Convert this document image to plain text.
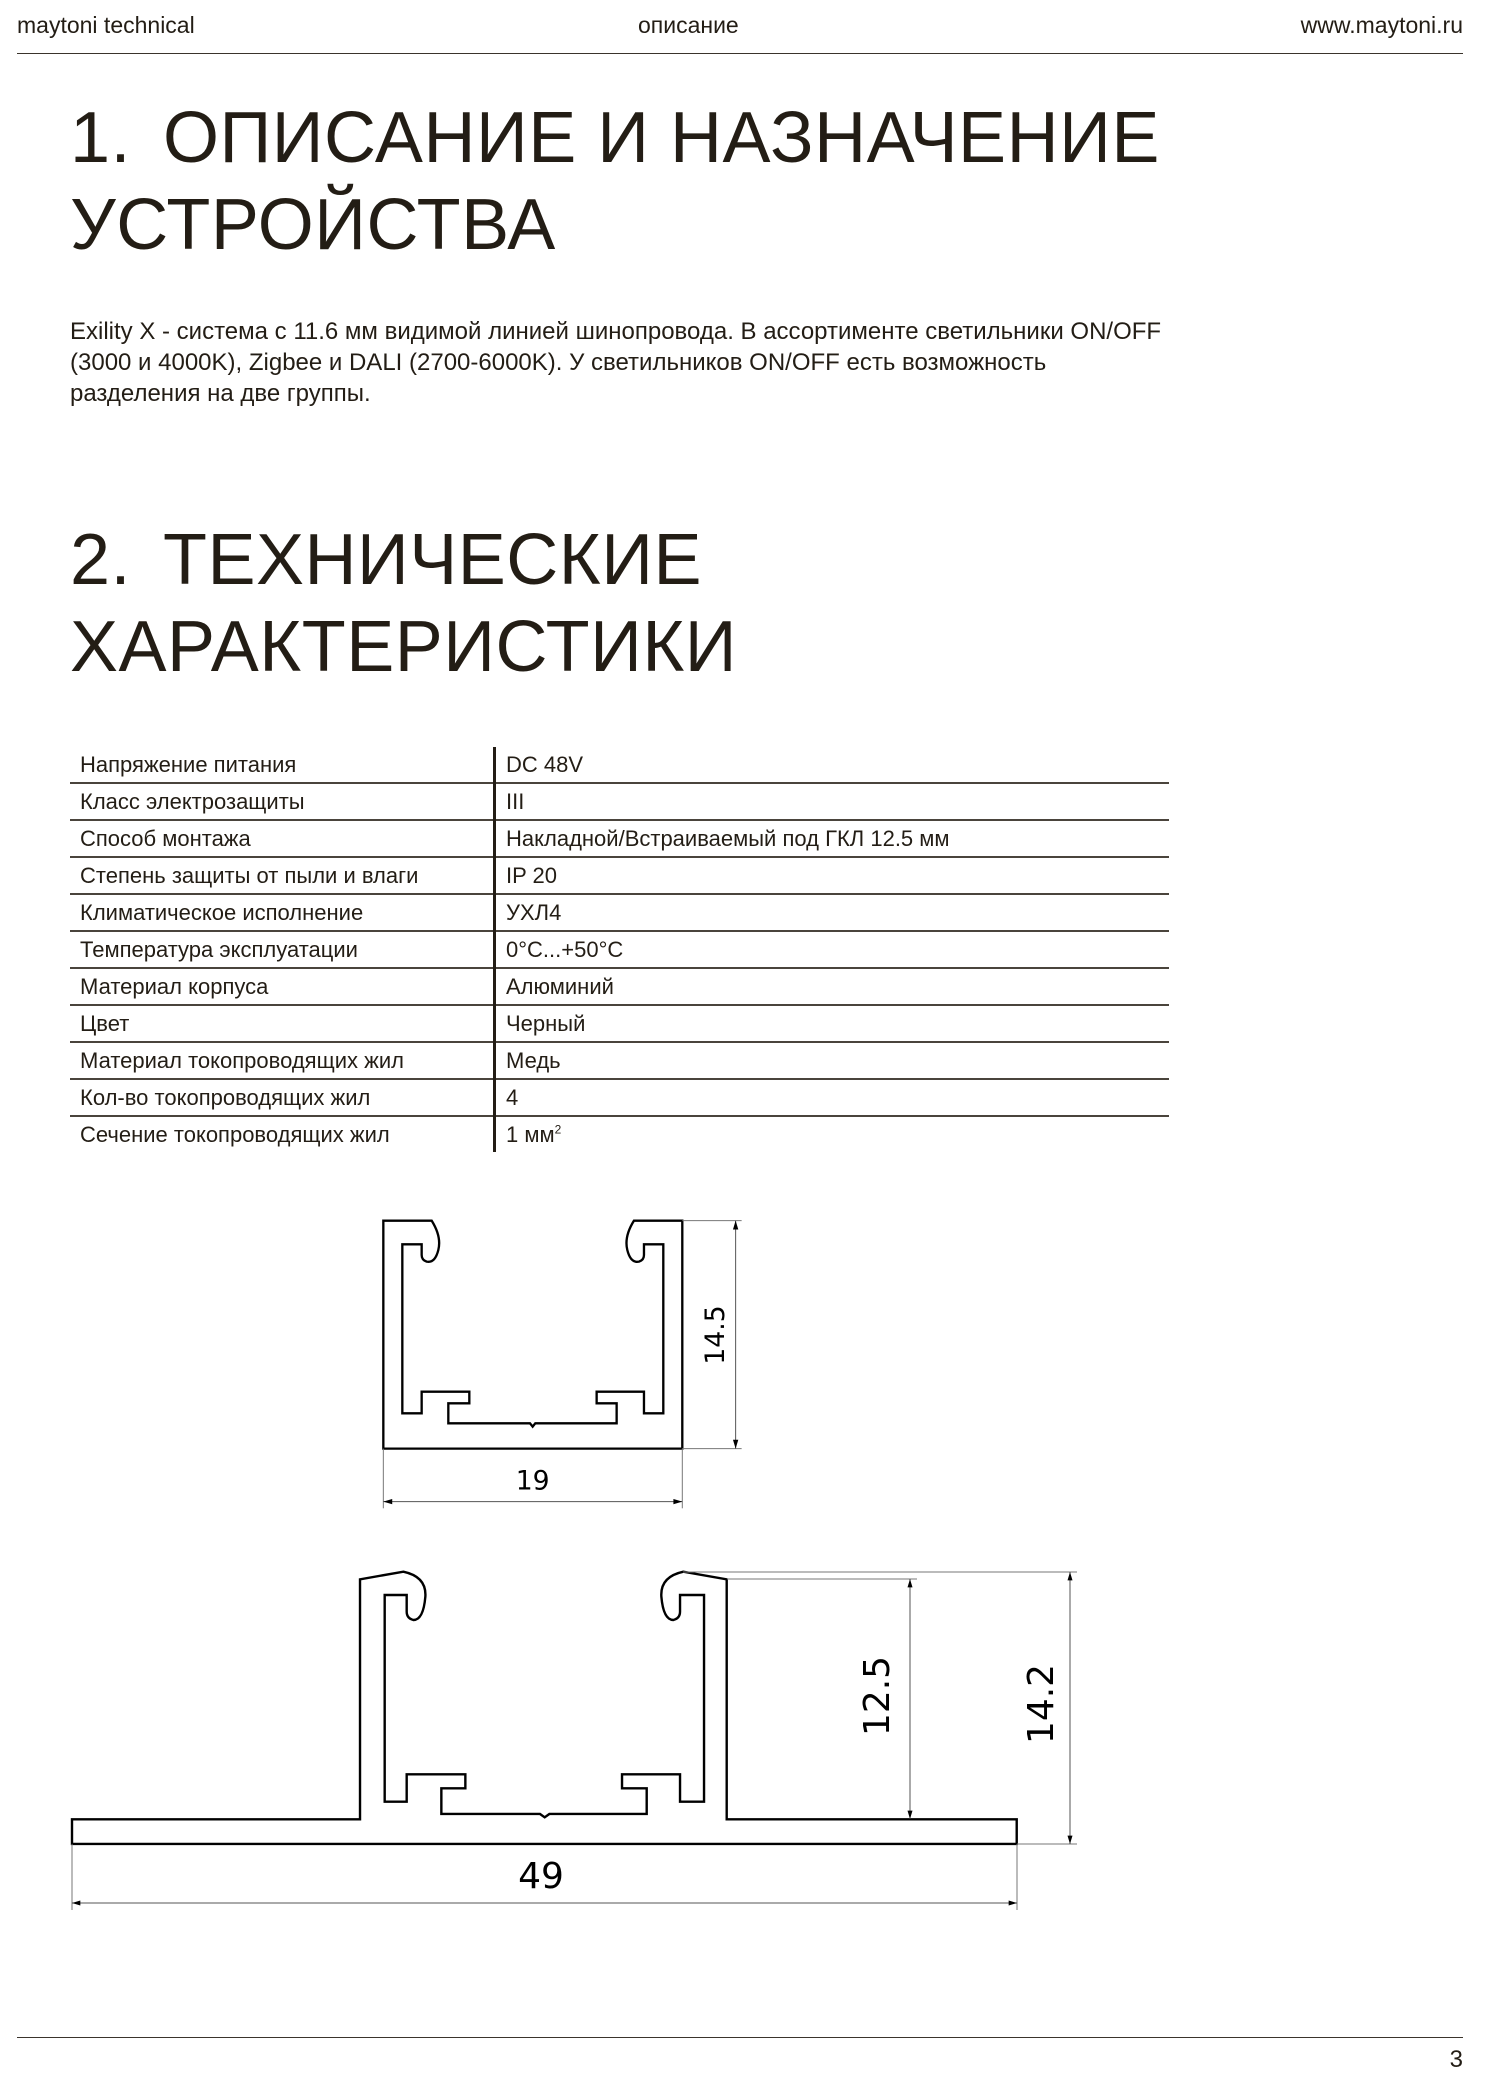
maytoni technical	описание	www.maytoni.ru
1. ОПИСАНИЕ И НАЗНАЧЕНИЕ
УСТРОЙСТВА
Exility X - система с 11.6 мм видимой линией шинопровода. В ассортименте светильники ON/OFF (3000 и 4000K), Zigbee и DALI (2700-6000K). У светильников ON/OFF есть возможность разделения на две группы.
2. ТЕХНИЧЕСКИЕ
ХАРАКТЕРИСТИКИ
Напряжение питания	DC 48V
Класс электрозащиты	III
Способ монтажа	Накладной/Встраиваемый под ГКЛ 12.5 мм
Степень защиты от пыли и влаги	IP 20
Климатическое исполнение	УХЛ4
Температура эксплуатации	0°C...+50°C
Материал корпуса	Алюминий
Цвет	Черный
Материал токопроводящих жил	Медь
Кол-во токопроводящих жил	4
Сечение токопроводящих жил	1 $мм^2$
19
14.5
49
12.5	14.2
3
